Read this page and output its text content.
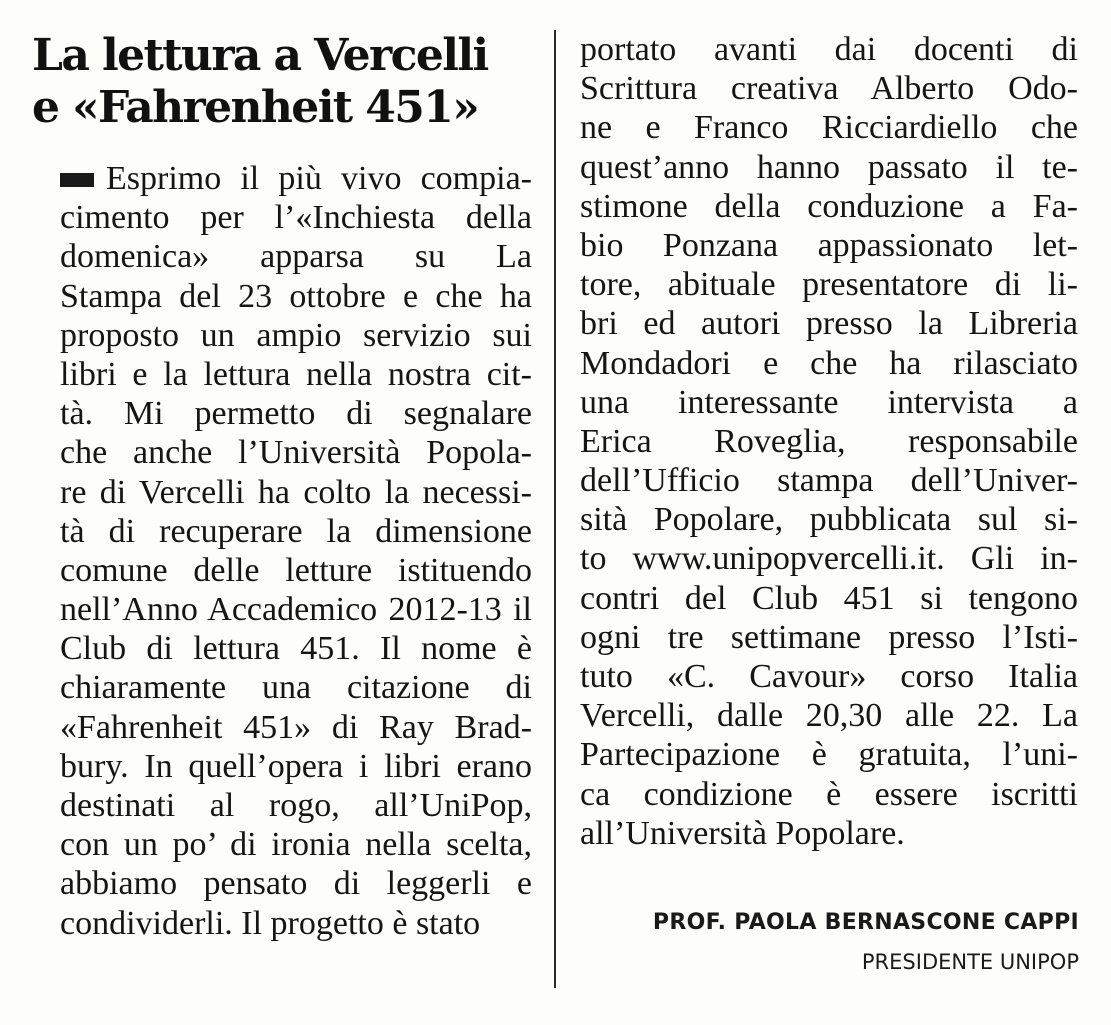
La lettura a Vercelli
e «Fahrenheit 451»
Esprimo il più vivo compia-
cimento per l’«Inchiesta della
domenica» apparsa su La
Stampa del 23 ottobre e che ha
proposto un ampio servizio sui
libri e la lettura nella nostra cit-
tà. Mi permetto di segnalare
che anche l’Università Popola-
re di Vercelli ha colto la necessi-
tà di recuperare la dimensione
comune delle letture istituendo
nell’Anno Accademico 2012-13 il
Club di lettura 451. Il nome è
chiaramente una citazione di
«Fahrenheit 451» di Ray Brad-
bury. In quell’opera i libri erano
destinati al rogo, all’UniPop,
con un po’ di ironia nella scelta,
abbiamo pensato di leggerli e
condividerli. Il progetto è stato
portato avanti dai docenti di
Scrittura creativa Alberto Odo-
ne e Franco Ricciardiello che
quest’anno hanno passato il te-
stimone della conduzione a Fa-
bio Ponzana appassionato let-
tore, abituale presentatore di li-
bri ed autori presso la Libreria
Mondadori e che ha rilasciato
una interessante intervista a
Erica Roveglia, responsabile
dell’Ufficio stampa dell’Univer-
sità Popolare, pubblicata sul si-
to www.unipopvercelli.it. Gli in-
contri del Club 451 si tengono
ogni tre settimane presso l’Isti-
tuto «C. Cavour» corso Italia
Vercelli, dalle 20,30 alle 22. La
Partecipazione è gratuita, l’uni-
ca condizione è essere iscritti
all’Università Popolare.
PROF. PAOLA BERNASCONE CAPPI
PRESIDENTE UNIPOP
